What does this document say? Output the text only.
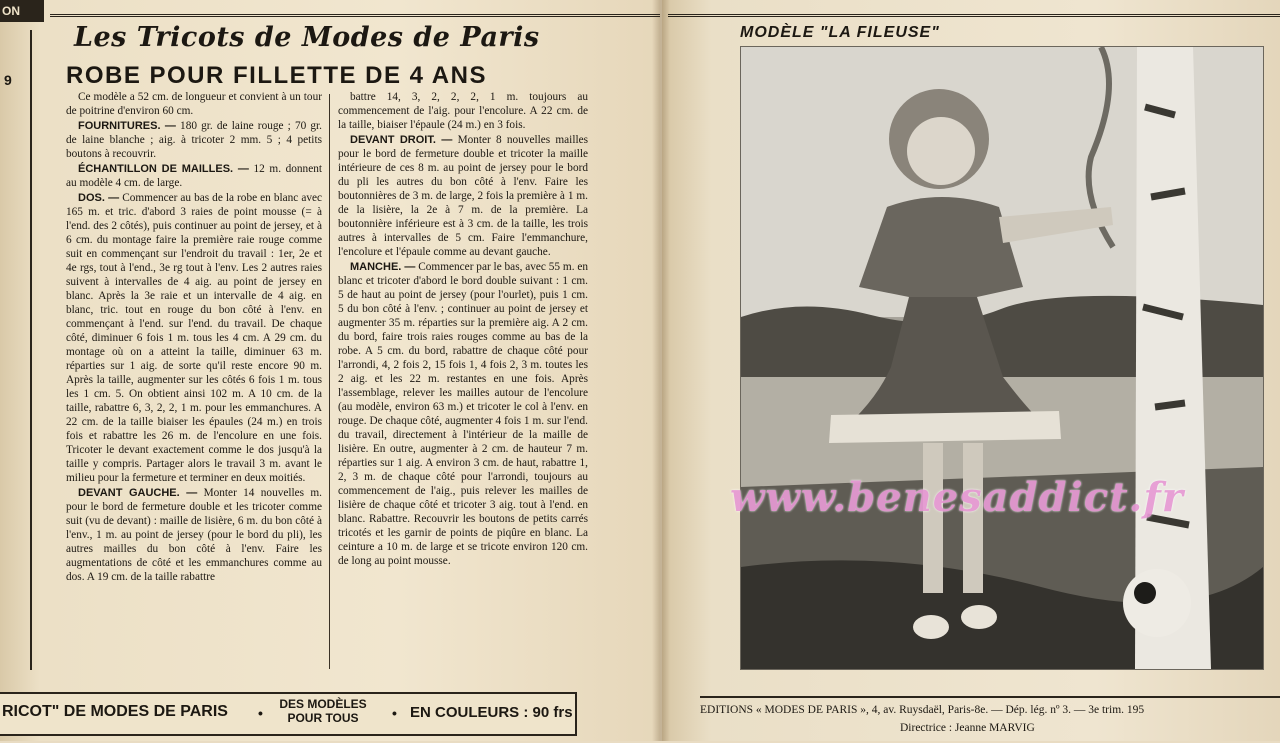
ON
9
Les Tricots de Modes de Paris
ROBE POUR FILLETTE DE 4 ANS

Ce modèle a 52 cm. de longueur et convient à un tour de poitrine d'environ 60 cm.

FOURNITURES. — 180 gr. de laine rouge ; 70 gr. de laine blanche ; aig. à tricoter 2 mm. 5 ; 4 petits boutons à recouvrir.

ÉCHANTILLON DE MAILLES. — 12 m. donnent au modèle 4 cm. de large.

DOS. — Commencer au bas de la robe en blanc avec 165 m. et tric. d'abord 3 raies de point mousse (= à l'end. des 2 côtés), puis continuer au point de jersey, et à 6 cm. du montage faire la première raie rouge comme suit en commençant sur l'endroit du travail : 1er, 2e et 4e rgs, tout à l'end., 3e rg tout à l'env. Les 2 autres raies suivent à intervalles de 4 aig. au point de jersey en blanc. Après la 3e raie et un intervalle de 4 aig. en blanc, tric. tout en rouge du bon côté à l'env. en commençant à l'end. sur l'end. du travail. De chaque côté, diminuer 6 fois 1 m. tous les 4 cm. A 29 cm. du montage où on a atteint la taille, diminuer 63 m. réparties sur 1 aig. de sorte qu'il reste encore 90 m. Après la taille, augmenter sur les côtés 6 fois 1 m. tous les 1 cm. 5. On obtient ainsi 102 m. A 10 cm. de la taille, rabattre 6, 3, 2, 2, 1 m. pour les emmanchures. A 22 cm. de la taille biaiser les épaules (24 m.) en trois fois et rabattre les 26 m. de l'encolure en une fois. Tricoter le devant exactement comme le dos jusqu'à la taille y compris. Partager alors le travail 3 m. avant le milieu pour la fermeture et terminer en deux moitiés.

DEVANT GAUCHE. — Monter 14 nouvelles m. pour le bord de fermeture double et les tricoter comme suit (vu de devant) : maille de lisière, 6 m. du bon côté à l'env., 1 m. au point de jersey (pour le bord du pli), les autres mailles du bon côté à l'env. Faire les augmentations de côté et les emmanchures comme au dos. A 19 cm. de la taille rabattre

battre 14, 3, 2, 2, 2, 1 m. toujours au commencement de l'aig. pour l'encolure. A 22 cm. de la taille, biaiser l'épaule (24 m.) en 3 fois.

DEVANT DROIT. — Monter 8 nouvelles mailles pour le bord de fermeture double et tricoter la maille intérieure de ces 8 m. au point de jersey pour le bord du pli les autres du bon côté à l'env. Faire les boutonnières de 3 m. de large, 2 fois la première à 1 m. de la lisière, la 2e à 7 m. de la première. La boutonnière inférieure est à 3 cm. de la taille, les trois autres à intervalles de 5 cm. Faire l'emmanchure, l'encolure et l'épaule comme au devant gauche.

MANCHE. — Commencer par le bas, avec 55 m. en blanc et tricoter d'abord le bord double suivant : 1 cm. 5 de haut au point de jersey (pour l'ourlet), puis 1 cm. 5 du bon côté à l'env. ; continuer au point de jersey et augmenter 35 m. réparties sur la première aig. A 2 cm. du bord, faire trois raies rouges comme au bas de la robe. A 5 cm. du bord, rabattre de chaque côté pour l'arrondi, 4, 2 fois 2, 15 fois 1, 4 fois 2, 3 m. toutes les 2 aig. et les 22 m. restantes en une fois. Après l'assemblage, relever les mailles autour de l'encolure (au modèle, environ 63 m.) et tricoter le col à l'env. en rouge. De chaque côté, augmenter 4 fois 1 m. sur l'end. du travail, directement à l'intérieur de la maille de lisière. En outre, augmenter à 2 cm. de hauteur 7 m. réparties sur 1 aig. A environ 3 cm. de haut, rabattre 1, 2, 3 m. de chaque côté pour l'arrondi, toujours au commencement de l'aig., puis relever les mailles de lisière de chaque côté et tricoter 3 aig. tout à l'end. en blanc. Rabattre. Recouvrir les boutons de petits carrés tricotés et les garnir de points de piqûre en blanc. La ceinture a 10 m. de large et se tricote environ 120 cm. de long au point mousse.

RICOT" DE MODES DE PARIS •
DES MODÈLES POUR TOUS	• EN COULEURS : 90 frs
MODÈLE "LA FILEUSE"
www.benesaddict.fr
EDITIONS « MODES DE PARIS », 4, av. Ruysdaël, Paris-8e. — Dép. lég. nº 3. — 3e trim. 195
Directrice : Jeanne MARVIG
